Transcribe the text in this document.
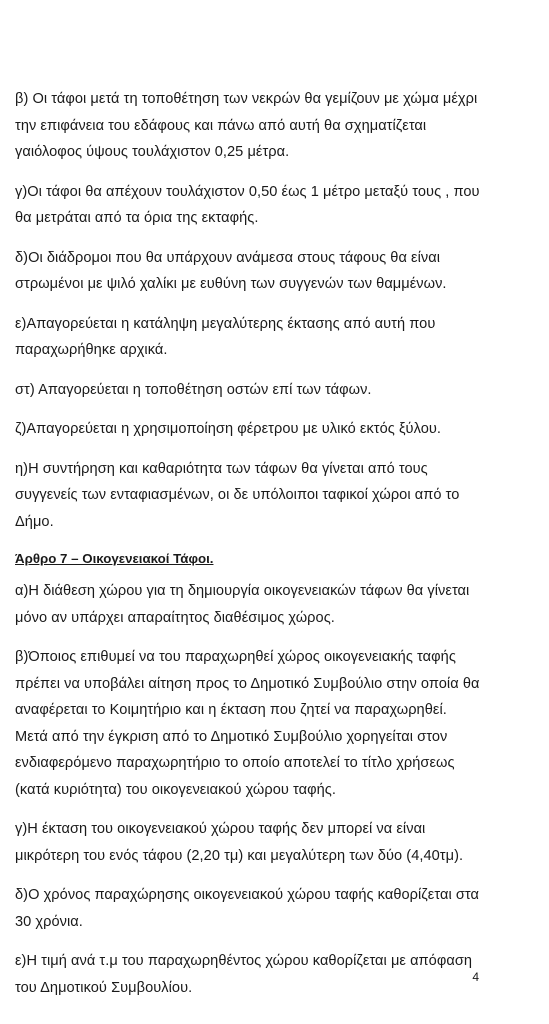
β) Οι τάφοι μετά τη τοποθέτηση των νεκρών θα γεμίζουν με χώμα μέχρι
την επιφάνεια του εδάφους και πάνω από αυτή θα σχηματίζεται
γαιόλοφος ύψους τουλάχιστον 0,25 μέτρα.

γ)Οι τάφοι θα απέχουν τουλάχιστον 0,50 έως 1 μέτρο μεταξύ τους , που
θα μετράται από τα όρια της εκταφής.

δ)Οι διάδρομοι που θα υπάρχουν ανάμεσα στους τάφους θα είναι
στρωμένοι με ψιλό χαλίκι με ευθύνη των συγγενών των θαμμένων.

ε)Απαγορεύεται η κατάληψη μεγαλύτερης έκτασης από αυτή που
παραχωρήθηκε αρχικά.

στ) Απαγορεύεται η τοποθέτηση οστών επί των τάφων.

ζ)Απαγορεύεται η χρησιμοποίηση φέρετρου με υλικό εκτός ξύλου.

η)Η συντήρηση και καθαριότητα των τάφων θα γίνεται από τους
συγγενείς των ενταφιασμένων, οι δε υπόλοιποι ταφικοί χώροι από το
Δήμο.

Άρθρο 7 – Οικογενειακοί Τάφοι.

α)Η διάθεση χώρου για τη δημιουργία οικογενειακών τάφων θα γίνεται
μόνο αν υπάρχει απαραίτητος διαθέσιμος χώρος.

β)Όποιος επιθυμεί να του παραχωρηθεί χώρος οικογενειακής ταφής
πρέπει να υποβάλει αίτηση προς το Δημοτικό Συμβούλιο στην οποία θα
αναφέρεται το Κοιμητήριο και η έκταση που ζητεί να παραχωρηθεί.
Μετά από την έγκριση από το Δημοτικό Συμβούλιο χορηγείται στον
ενδιαφερόμενο παραχωρητήριο το οποίο αποτελεί το τίτλο χρήσεως
(κατά κυριότητα) του οικογενειακού χώρου ταφής.

γ)Η έκταση του οικογενειακού χώρου ταφής δεν μπορεί να είναι
μικρότερη του ενός τάφου (2,20 τμ) και μεγαλύτερη των δύο (4,40τμ).

δ)Ο χρόνος παραχώρησης οικογενειακού χώρου ταφής καθορίζεται στα
30 χρόνια.

ε)Η τιμή ανά τ.μ του παραχωρηθέντος χώρου καθορίζεται με απόφαση
του Δημοτικού Συμβουλίου.

4
